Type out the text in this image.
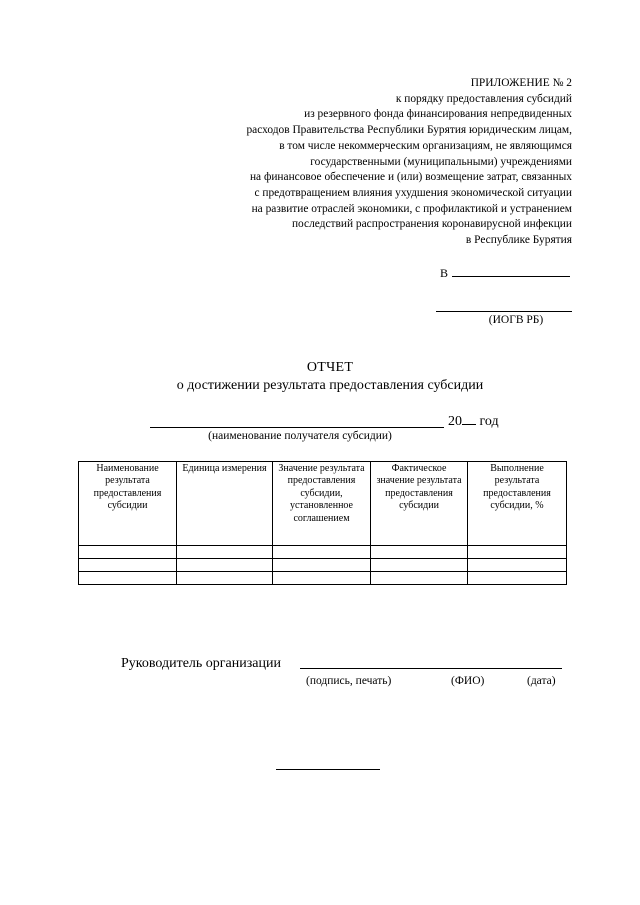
ПРИЛОЖЕНИЕ № 2
к порядку предоставления субсидий
из резервного фонда финансирования непредвиденных
расходов Правительства Республики Бурятия юридическим лицам,
в том числе некоммерческим организациям, не являющимся
государственными (муниципальными) учреждениями
на финансовое обеспечение и (или) возмещение затрат, связанных
с предотвращением влияния ухудшения экономической ситуации
на развитие отраслей экономики, с профилактикой и устранением
последствий распространения коронавирусной инфекции
в Республике Бурятия
В
(ИОГВ РБ)
ОТЧЕТ
о достижении результата предоставления субсидии
20 год
(наименование получателя субсидии)
Наименование результата предоставления субсидии	Единица измерения	Значение результата предоставления субсидии, установленное соглашением	Фактическое значение результата предоставления субсидии	Выполнение результата предоставления субсидии, %

Руководитель организации
(подпись, печать)	(ФИО)	(дата)
